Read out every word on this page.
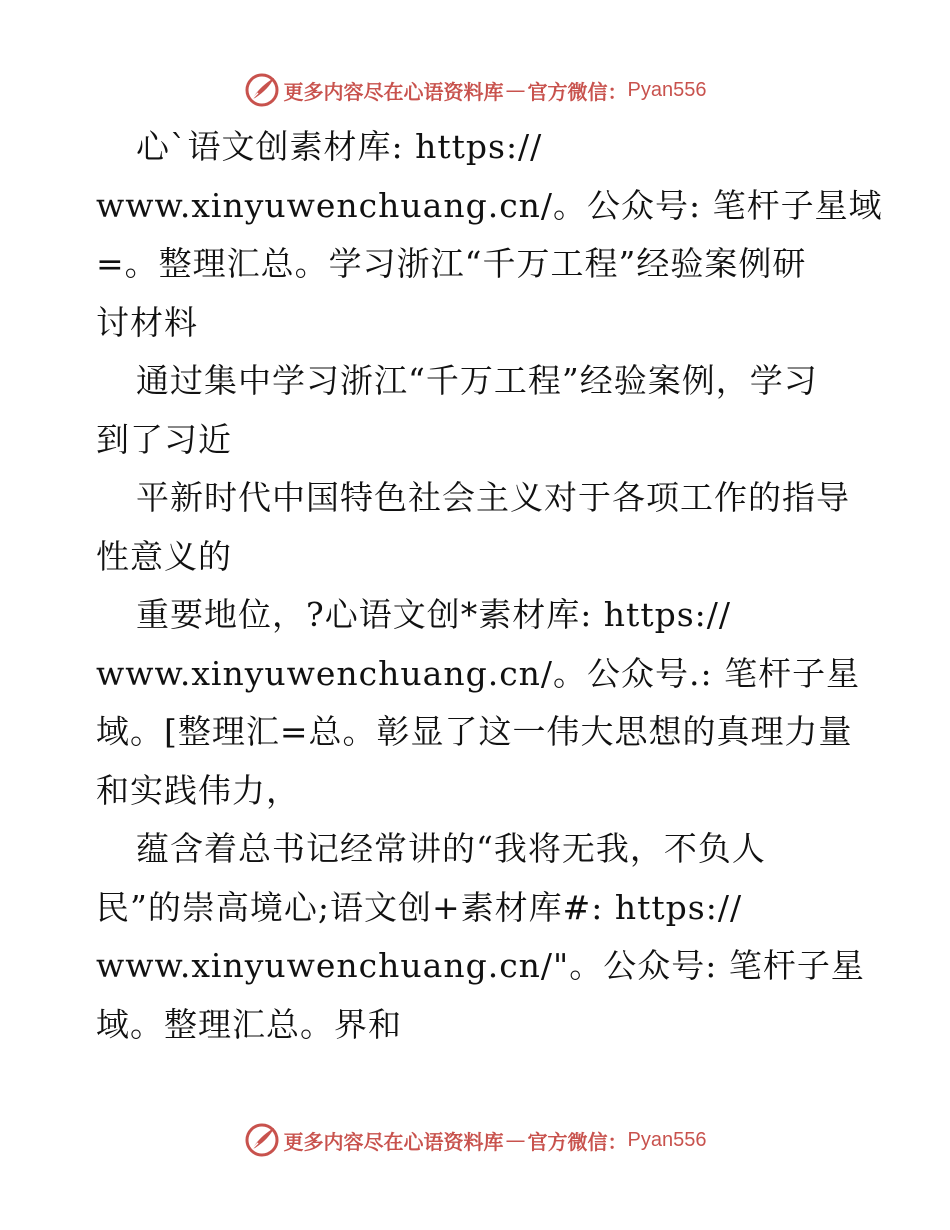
更多内容尽在心语资料库 — 官方微信： Pyan556
心`语文创素材库: https://
www.xinyuwenchuang.cn/。公众号: 笔杆子星域
=。整理汇总。学习浙江“千万工程”经验案例研
讨材料
通过集中学习浙江“千万工程”经验案例，学习
到了习近
平新时代中国特色社会主义对于各项工作的指导
性意义的
重要地位，?心语文创*素材库: https://
www.xinyuwenchuang.cn/。公众号.: 笔杆子星
域。[整理汇=总。彰显了这一伟大思想的真理力量
和实践伟力，
蕴含着总书记经常讲的“我将无我，不负人
民”的崇高境心;语文创+素材库#: https://
www.xinyuwenchuang.cn/"。公众号: 笔杆子星
域。整理汇总。界和
更多内容尽在心语资料库 — 官方微信： Pyan556
